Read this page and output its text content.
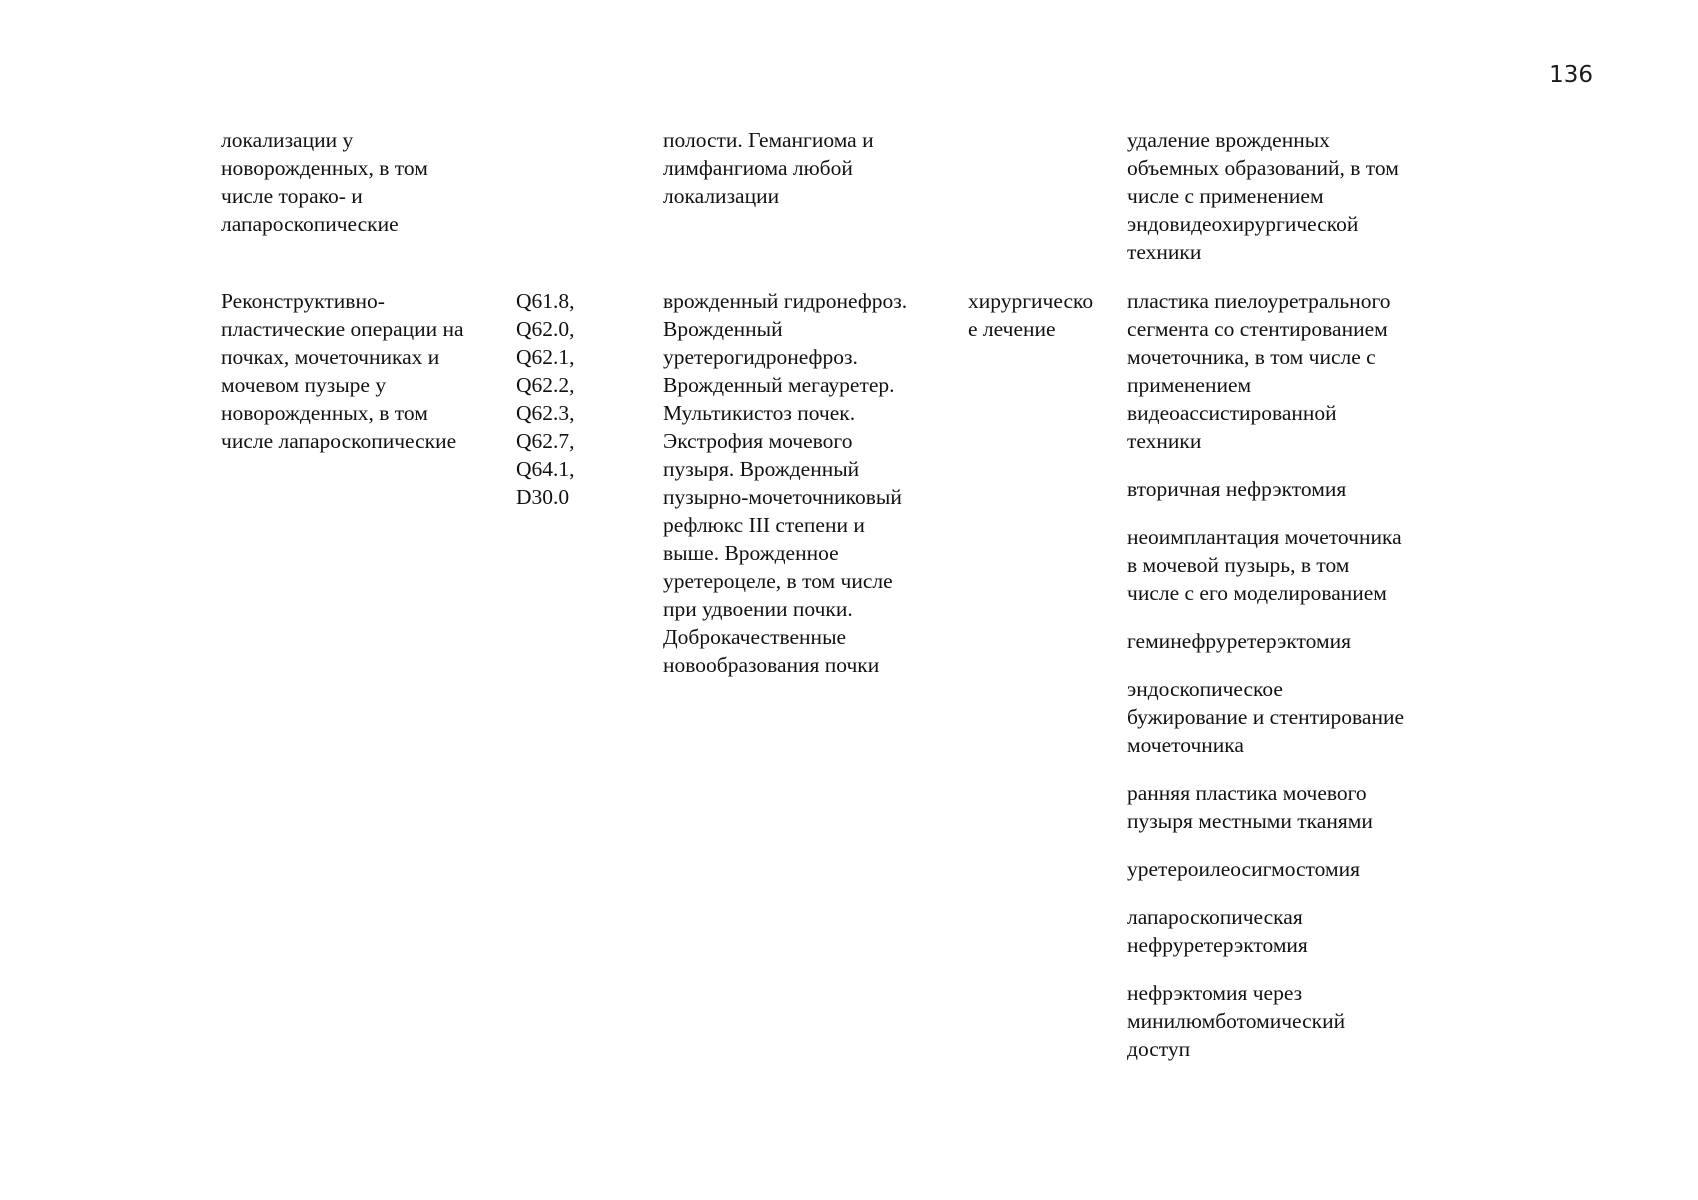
136
локализации у
новорожденных, в том
числе торако- и
лапароскопические
полости. Гемангиома и
лимфангиома любой
локализации
удаление врожденных
объемных образований, в том
числе с применением
эндовидеохирургической
техники
Реконструктивно-
пластические операции на
почках, мочеточниках и
мочевом пузыре у
новорожденных, в том
числе лапароскопические
Q61.8,
Q62.0,
Q62.1,
Q62.2,
Q62.3,
Q62.7,
Q64.1,
D30.0
врожденный гидронефроз.
Врожденный
уретерогидронефроз.
Врожденный мегауретер.
Мультикистоз почек.
Экстрофия мочевого
пузыря. Врожденный
пузырно-мочеточниковый
рефлюкс III степени и
выше. Врожденное
уретероцеле, в том числе
при удвоении почки.
Доброкачественные
новообразования почки
хирургическо
е лечение
пластика пиелоуретрального
сегмента со стентированием
мочеточника, в том числе с
применением
видеоассистированной
техники
вторичная нефрэктомия
неоимплантация мочеточника
в мочевой пузырь, в том
числе с его моделированием
геминефруретерэктомия
эндоскопическое
бужирование и стентирование
мочеточника
ранняя пластика мочевого
пузыря местными тканями
уретероилеосигмостомия
лапароскопическая
нефруретерэктомия
нефрэктомия через
минилюмботомический
доступ
